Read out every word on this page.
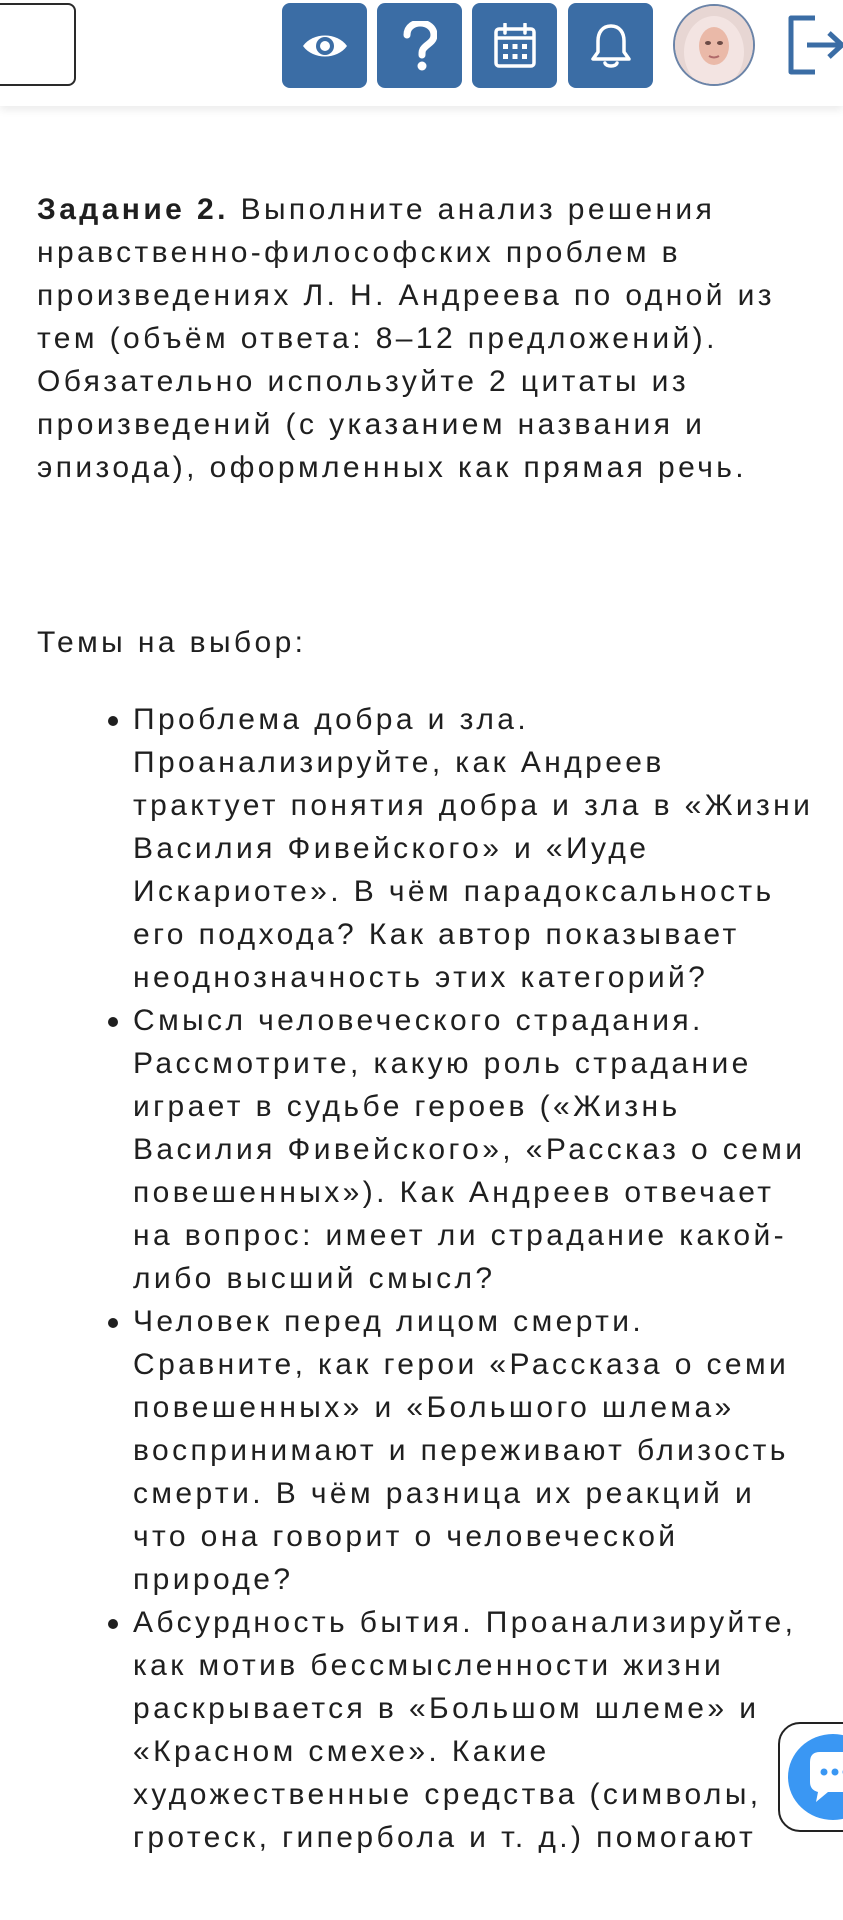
Задание 2. Выполните анализ решения нравственно-философских проблем в произведениях Л. Н. Андреева по одной из тем (объём ответа: 8–12 предложений). Обязательно используйте 2 цитаты из произведений (с указанием названия и эпизода), оформленных как прямая речь.

Темы на выбор:

Проблема добра и зла. Проанализируйте, как Андреев трактует понятия добра и зла в «Жизни Василия Фивейского» и «Иуде Искариоте». В чём парадоксальность его подхода? Как автор показывает неоднозначность этих категорий?
Смысл человеческого страдания. Рассмотрите, какую роль страдание играет в судьбе героев («Жизнь Василия Фивейского», «Рассказ о семи повешенных»). Как Андреев отвечает на вопрос: имеет ли страдание какой-либо высший смысл?
Человек перед лицом смерти. Сравните, как герои «Рассказа о семи повешенных» и «Большого шлема» воспринимают и переживают близость смерти. В чём разница их реакций и что она говорит о человеческой природе?
Абсурдность бытия. Проанализируйте, как мотив бессмысленности жизни раскрывается в «Большом шлеме» и «Красном смехе». Какие художественные средства (символы, гротеск, гипербола и т. д.) помогают
